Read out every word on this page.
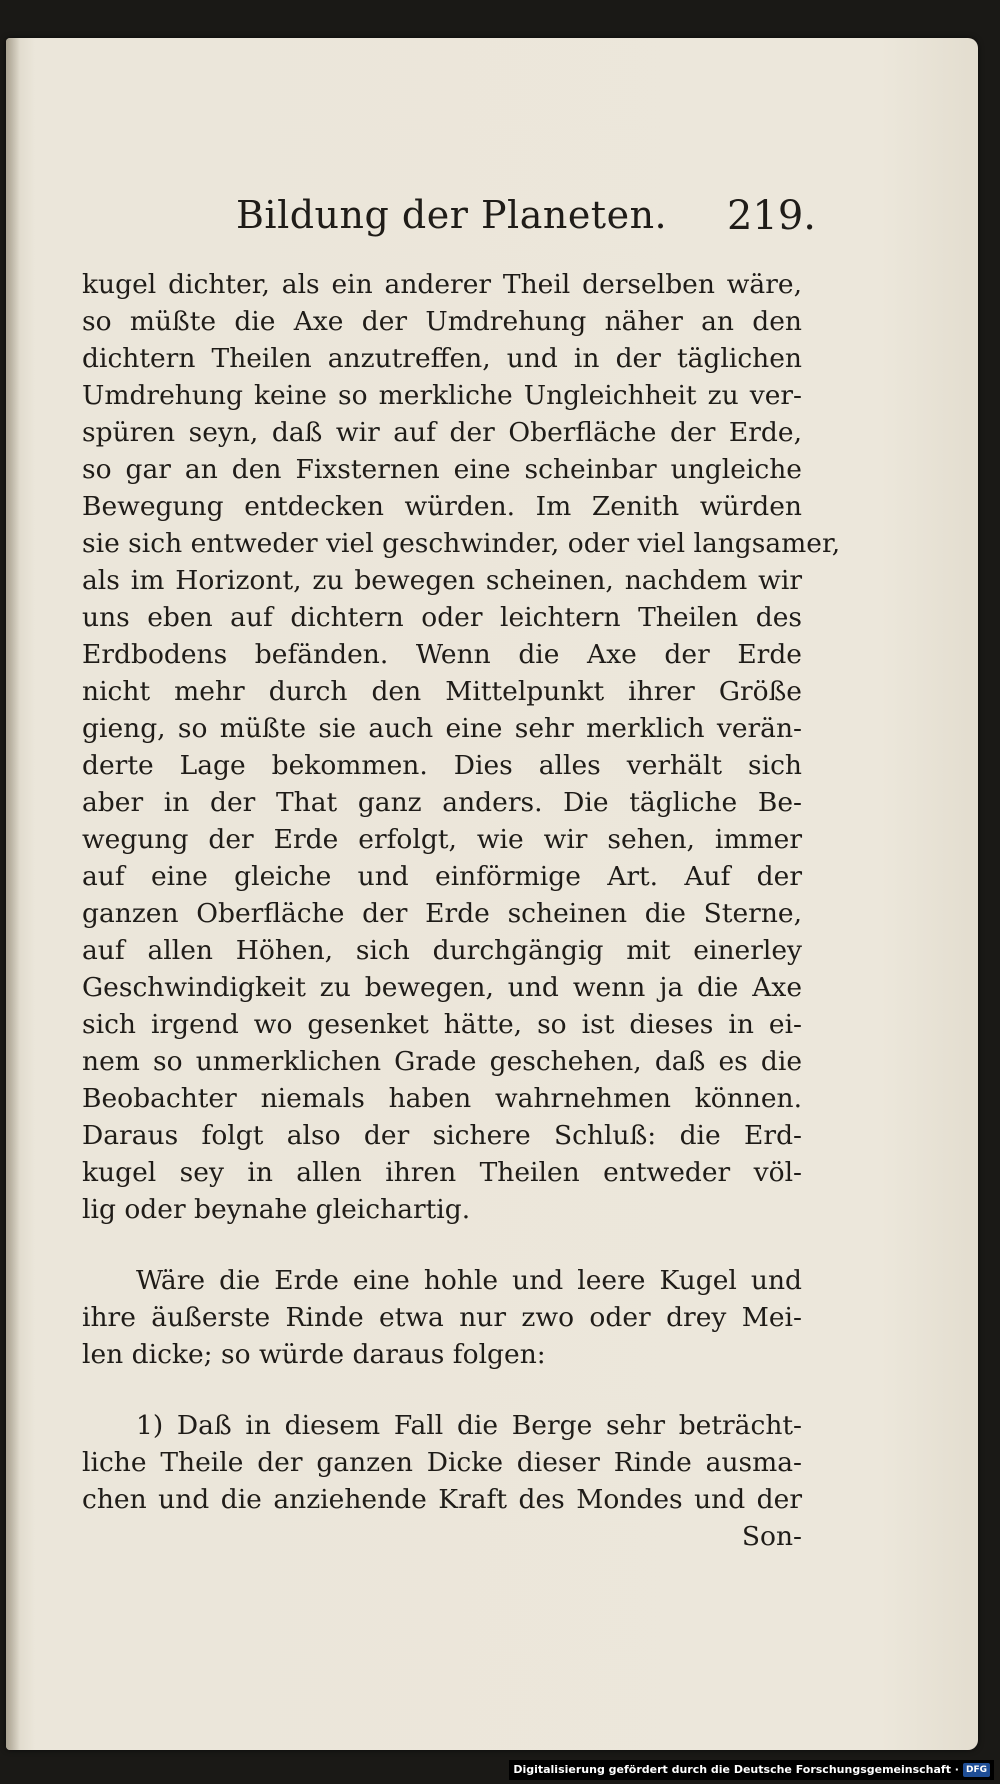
Bildung der Planeten. 219.
kugel dichter, als ein anderer Theil derselben wäre,
so müßte die Axe der Umdrehung näher an den
dichtern Theilen anzutreffen, und in der täglichen
Umdrehung keine so merkliche Ungleichheit zu ver-
spüren seyn, daß wir auf der Oberfläche der Erde,
so gar an den Fixsternen eine scheinbar ungleiche
Bewegung entdecken würden. Im Zenith würden
sie sich entweder viel geschwinder, oder viel langsamer,
als im Horizont, zu bewegen scheinen, nachdem wir
uns eben auf dichtern oder leichtern Theilen des
Erdbodens befänden. Wenn die Axe der Erde
nicht mehr durch den Mittelpunkt ihrer Größe
gieng, so müßte sie auch eine sehr merklich verän-
derte Lage bekommen. Dies alles verhält sich
aber in der That ganz anders. Die tägliche Be-
wegung der Erde erfolgt, wie wir sehen, immer
auf eine gleiche und einförmige Art. Auf der
ganzen Oberfläche der Erde scheinen die Sterne,
auf allen Höhen, sich durchgängig mit einerley
Geschwindigkeit zu bewegen, und wenn ja die Axe
sich irgend wo gesenket hätte, so ist dieses in ei-
nem so unmerklichen Grade geschehen, daß es die
Beobachter niemals haben wahrnehmen können.
Daraus folgt also der sichere Schluß: die Erd-
kugel sey in allen ihren Theilen entweder völ-
lig oder beynahe gleichartig.
Wäre die Erde eine hohle und leere Kugel und
ihre äußerste Rinde etwa nur zwo oder drey Mei-
len dicke; so würde daraus folgen:
1) Daß in diesem Fall die Berge sehr beträcht-
liche Theile der ganzen Dicke dieser Rinde ausma-
chen und die anziehende Kraft des Mondes und der
Son-
Digitalisierung gefördert durch die Deutsche Forschungsgemeinschaft · DFG
